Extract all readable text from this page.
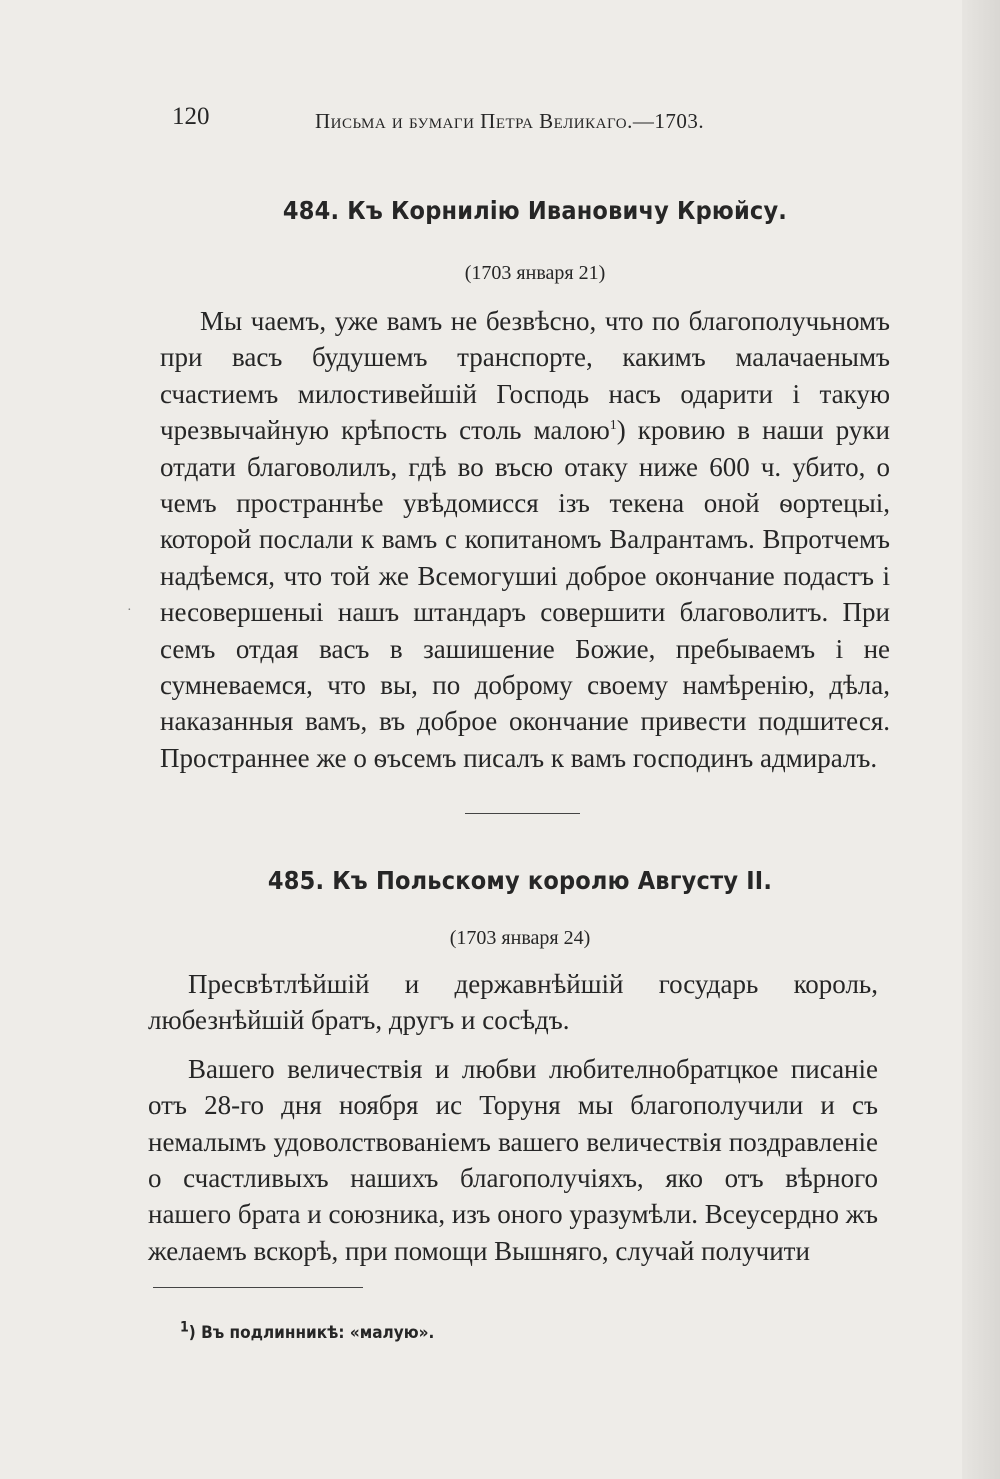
120	Письма и бумаги Петра Великаго.—1703.
484. Къ Корнилію Ивановичу Крюйсу.
(1703 января 21)

Мы чаемъ, уже вамъ не безвѣсно, что по благополучьномъ при васъ будушемъ транспорте, какимъ малачаенымъ счастиемъ милостивейшій Господь насъ одарити і такую чрезвычайную крѣпость столь малою$^1$) кровию в наши руки отдати благоволилъ, гдѣ во въсю отаку ниже 600 ч. убито, о чемъ пространнѣе увѣдомисся ізъ текена оной ѳортецыі, которой послали к вамъ с копитаномъ Валрантамъ. Впротчемъ надѣемся, что той же Всемогушиі доброе окончание подастъ і несовершеныі нашъ штандаръ совершити благоволитъ. При семъ отдая васъ в зашишение Божие, пребываемъ і не сумневаемся, что вы, по доброму своему намѣренію, дѣла, наказанныя вамъ, въ доброе окончание привести подшитеся. Пространнее же о ѳъсемъ писалъ к вамъ господинъ адмиралъ.

·
485. Къ Польскому королю Августу II.
(1703 января 24)

Пресвѣтлѣйшій и державнѣйшій государь король, любезнѣйшій братъ, другъ и сосѣдъ.

Вашего величествія и любви любителнобратцкое писаніе отъ 28-го дня ноября ис Торуня мы благополучили и съ немалымъ удоволствованіемъ вашего величествія поздравленіе о счастливыхъ нашихъ благополучіяхъ, яко отъ вѣрного нашего брата и союзника, изъ оного уразумѣли. Всеусердно жъ желаемъ вскорѣ, при помощи Вышняго, случай получити

$^1$) Въ подлинникѣ: «малую».
